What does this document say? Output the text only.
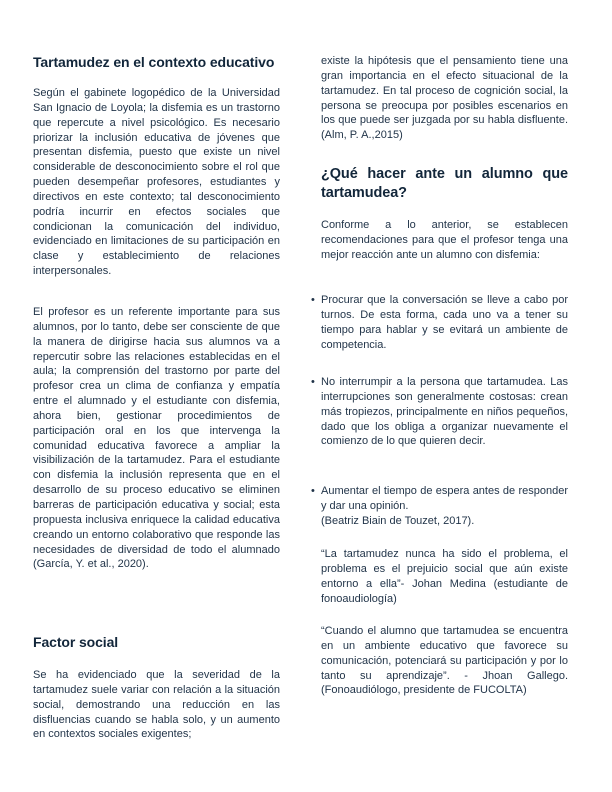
Tartamudez en el contexto educativo

Según el gabinete logopédico de la Universidad San Ignacio de Loyola; la disfemia es un trastorno que repercute a nivel psicológico. Es necesario priorizar la inclusión educativa de jóvenes que presentan disfemia, puesto que existe un nivel considerable de desconocimiento sobre el rol que pueden desempeñar profesores, estudiantes y directivos en este contexto; tal desconocimiento podría incurrir en efectos sociales que condicionan la comunicación del individuo, evidenciado en limitaciones de su participación en clase y establecimiento de relaciones interpersonales.

El profesor es un referente importante para sus alumnos, por lo tanto, debe ser consciente de que la manera de dirigirse hacia sus alumnos va a repercutir sobre las relaciones establecidas en el aula; la comprensión del trastorno por parte del profesor crea un clima de confianza y empatía entre el alumnado y el estudiante con disfemia, ahora bien, gestionar procedimientos de participación oral en los que intervenga la comunidad educativa favorece a ampliar la visibilización de la tartamudez. Para el estudiante con disfemia la inclusión representa que en el desarrollo de su proceso educativo se eliminen barreras de participación educativa y social; esta propuesta inclusiva enriquece la calidad educativa creando un entorno colaborativo que responde las necesidades de diversidad de todo el alumnado (García, Y. et al., 2020).

Factor social

Se ha evidenciado que la severidad de la tartamudez suele variar con relación a la situación social, demostrando una reducción en las disfluencias cuando se habla solo, y un aumento en contextos sociales exigentes;

existe la hipótesis que el pensamiento tiene una gran importancia en el efecto situacional de la tartamudez. En tal proceso de cognición social, la persona se preocupa por posibles escenarios en los que puede ser juzgada por su habla disfluente. (Alm, P. A.,2015)

¿Qué hacer ante un alumno que tartamudea?

Conforme a lo anterior, se establecen recomendaciones para que el profesor tenga una mejor reacción ante un alumno con disfemia:

• Procurar que la conversación se lleve a cabo por turnos. De esta forma, cada uno va a tener su tiempo para hablar y se evitará un ambiente de competencia.

• No interrumpir a la persona que tartamudea. Las interrupciones son generalmente costosas: crean más tropiezos, principalmente en niños pequeños, dado que los obliga a organizar nuevamente el comienzo de lo que quieren decir.

• Aumentar el tiempo de espera antes de responder y dar una opinión.

(Beatriz Biain de Touzet, 2017).

“La tartamudez nunca ha sido el problema, el problema es el prejuicio social que aún existe entorno a ella”- Johan Medina (estudiante de fonoaudiología)

“Cuando el alumno que tartamudea se encuentra en un ambiente educativo que favorece su comunicación, potenciará su participación y por lo tanto su aprendizaje”. - Jhoan Gallego. (Fonoaudiólogo, presidente de FUCOLTA)
